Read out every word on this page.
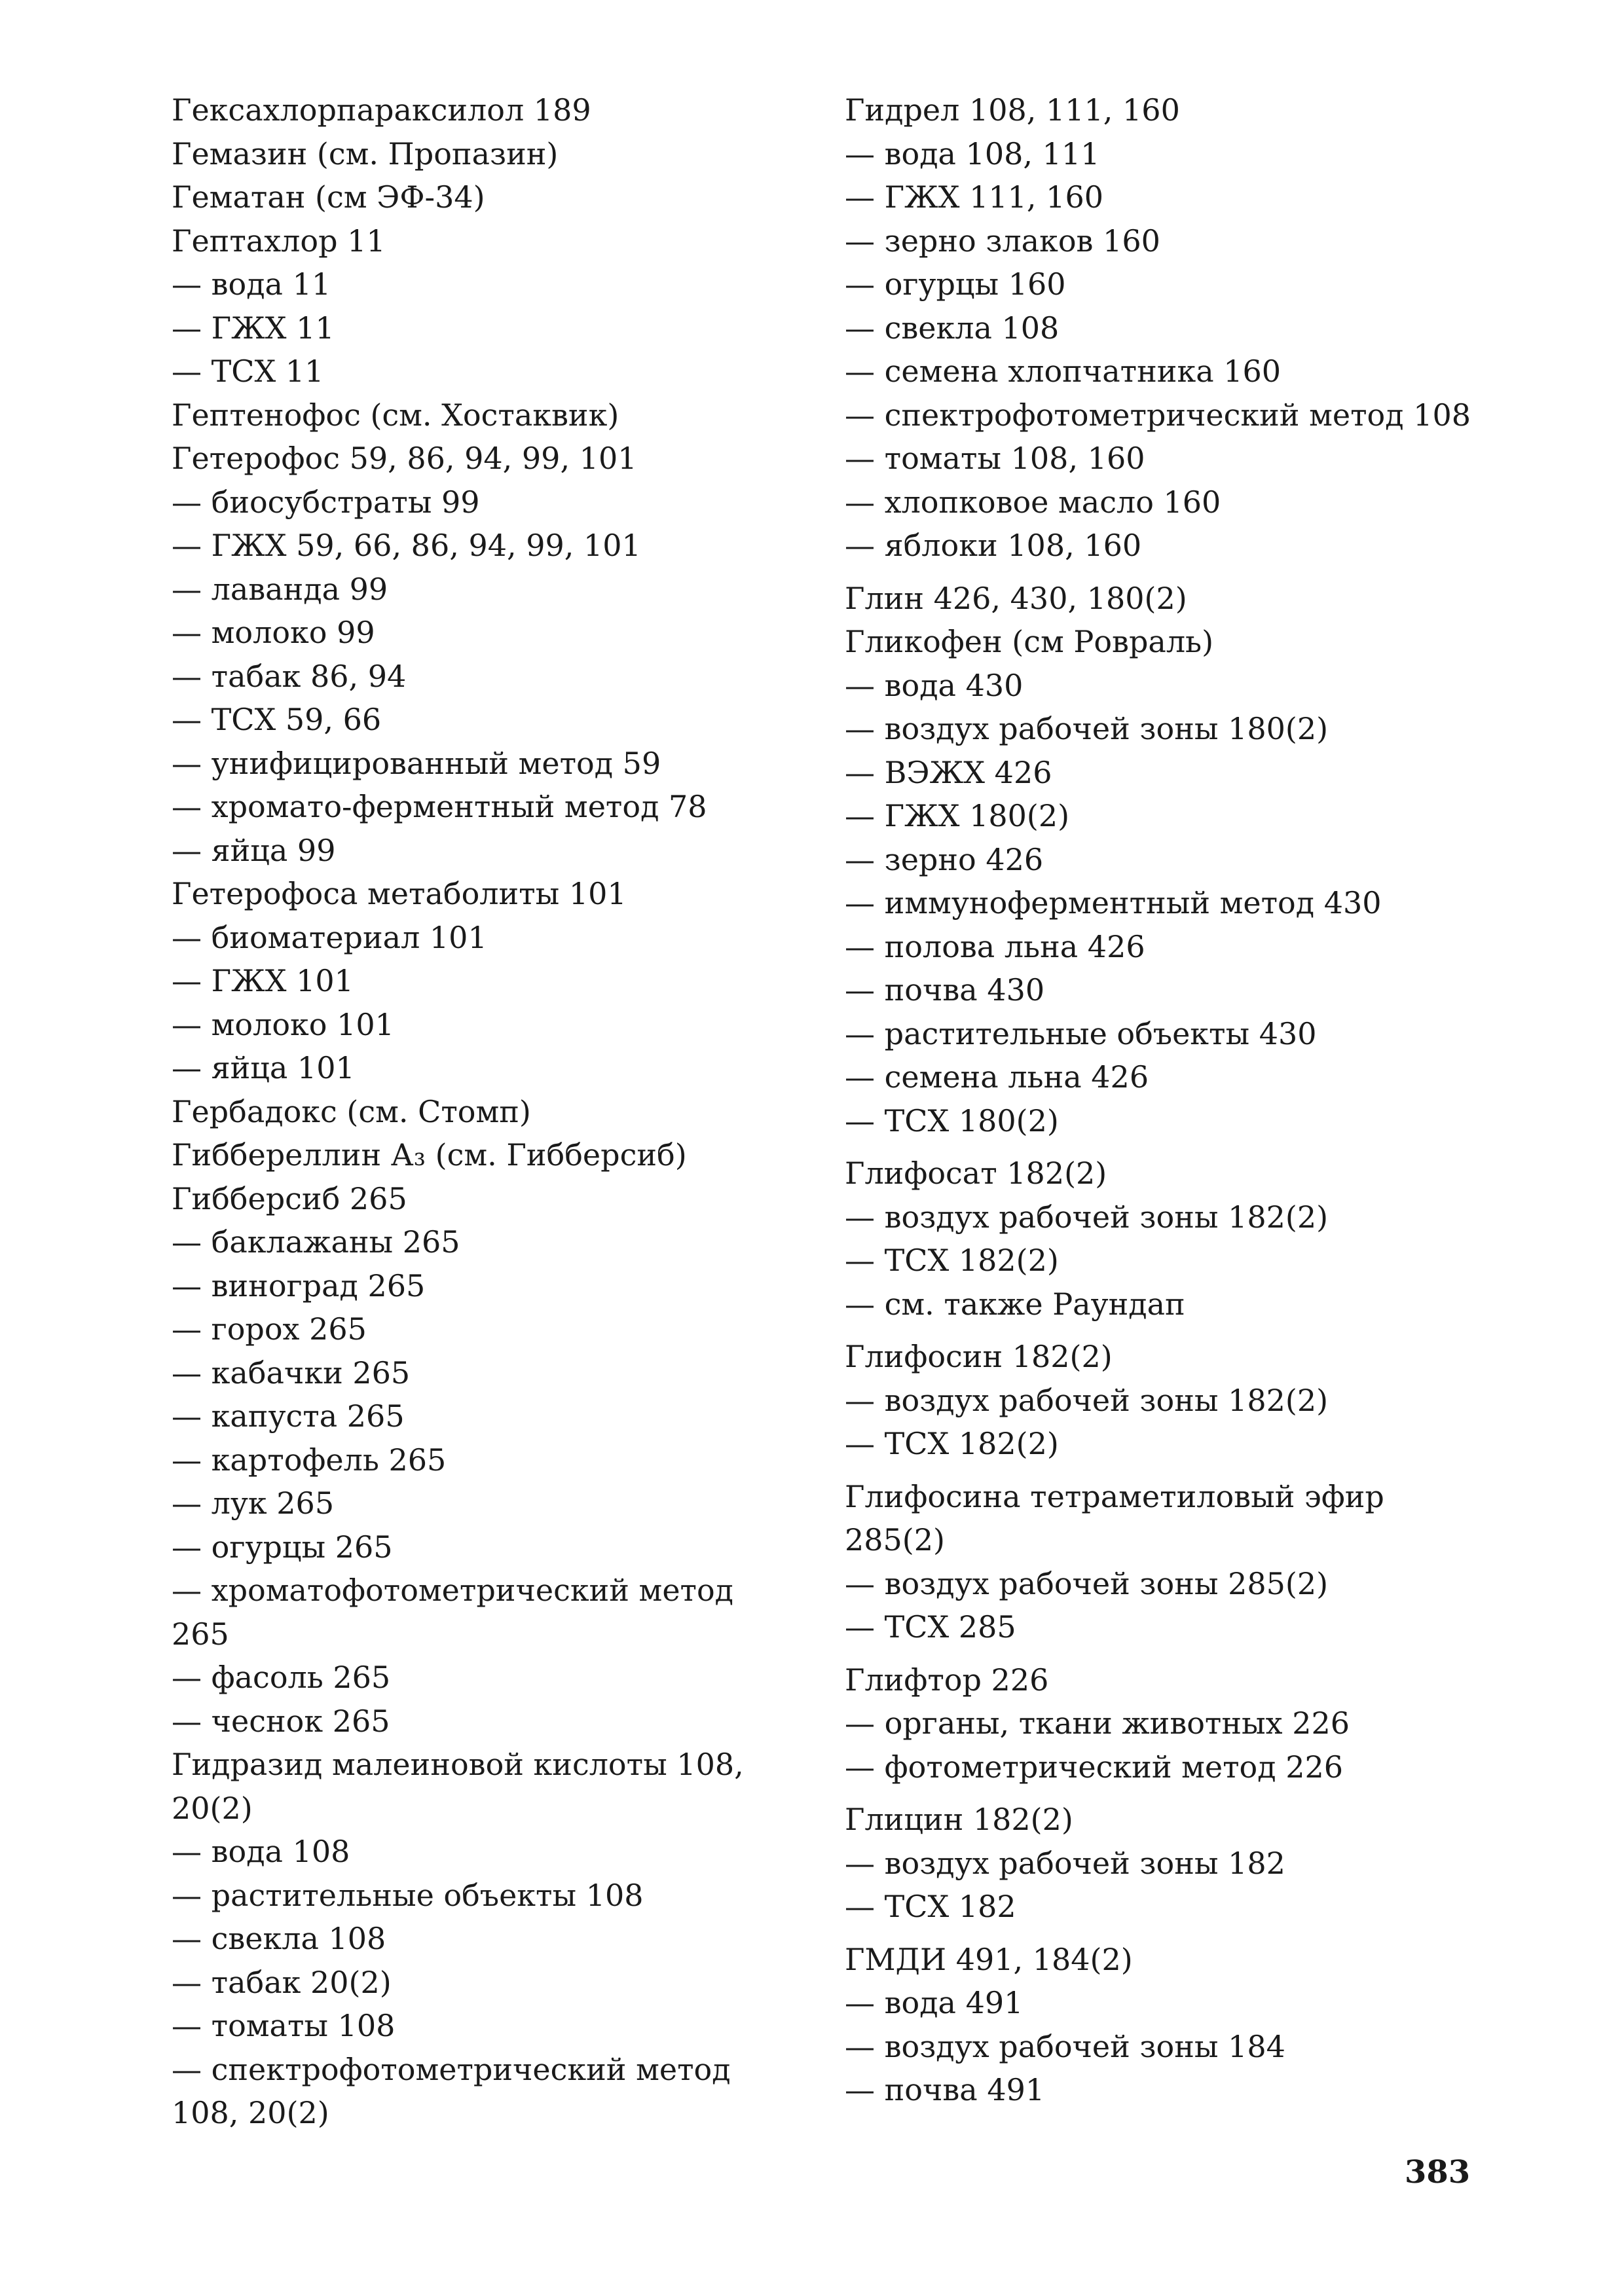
Гексахлорпараксилол 189
Гемазин (см. Пропазин)
Гематан (см ЭФ-34)
Гептахлор 11
— вода 11
— ГЖХ 11
— ТСХ 11
Гептенофос (см. Хостаквик)
Гетерофос 59, 86, 94, 99, 101
— биосубстраты 99
— ГЖХ 59, 66, 86, 94, 99, 101
— лаванда 99
— молоко 99
— табак 86, 94
— ТСХ 59, 66
— унифицированный метод 59
— хромато-ферментный метод 78
— яйца 99
Гетерофоса метаболиты 101
— биоматериал 101
— ГЖХ 101
— молоко 101
— яйца 101
Гербадокс (см. Стомп)
Гиббереллин А₃ (см. Гибберсиб)
Гибберсиб 265
— баклажаны 265
— виноград 265
— горох 265
— кабачки 265
— капуста 265
— картофель 265
— лук 265
— огурцы 265
— хроматофотометрический метод
265
— фасоль 265
— чеснок 265
Гидразид малеиновой кислоты 108,
20(2)
— вода 108
— растительные объекты 108
— свекла 108
— табак 20(2)
— томаты 108
— спектрофотометрический метод
108, 20(2)
Гидрел 108, 111, 160
— вода 108, 111
— ГЖХ 111, 160
— зерно злаков 160
— огурцы 160
— свекла 108
— семена хлопчатника 160
— спектрофотометрический метод 108
— томаты 108, 160
— хлопковое масло 160
— яблоки 108, 160
Глин 426, 430, 180(2)
Гликофен (см Ровраль)
— вода 430
— воздух рабочей зоны 180(2)
— ВЭЖХ 426
— ГЖХ 180(2)
— зерно 426
— иммуноферментный метод 430
— полова льна 426
— почва 430
— растительные объекты 430
— семена льна 426
— ТСХ 180(2)
Глифосат 182(2)
— воздух рабочей зоны 182(2)
— ТСХ 182(2)
— см. также Раундап
Глифосин 182(2)
— воздух рабочей зоны 182(2)
— ТСХ 182(2)
Глифосина тетраметиловый эфир
285(2)
— воздух рабочей зоны 285(2)
— ТСХ 285
Глифтор 226
— органы, ткани животных 226
— фотометрический метод 226
Глицин 182(2)
— воздух рабочей зоны 182
— ТСХ 182
ГМДИ 491, 184(2)
— вода 491
— воздух рабочей зоны 184
— почва 491
383
